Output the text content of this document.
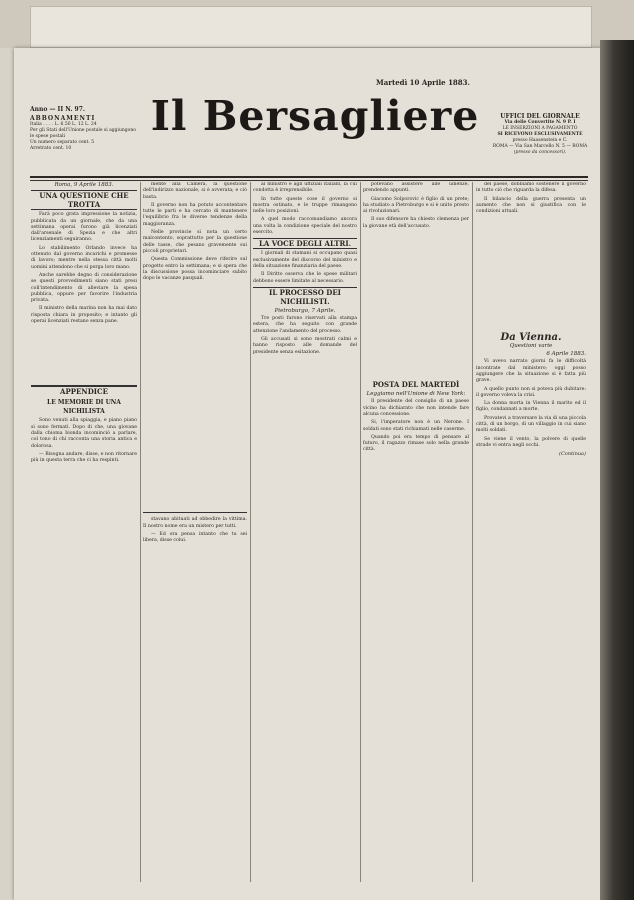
Anno — II N. 97.
Martedì 10 Aprile 1883.
Il Bersagliere
ABBONAMENTI
Italia . . . . L. 6.50 L. 12 L. 24
Per gli Stati dell'Unione postale si aggiungono le spese postali
Un numero separato cent. 5
Arretrato cent. 10
UFFICI DEL GIORNALE
Via delle Convertite N. 9 P. I
LE INSERZIONI A PAGAMENTO
SI RICEVONO ESCLUSIVAMENTE
presso Haasenstein e C.
ROMA — Via San Marcello N. 5 — ROMA
(presso da concessori).

Roma, 9 Aprile 1883.

UNA QUESTIONE CHE TROTTA

Farà poco grata impressione la notizia, pubblicata da un giornale, che da una settimana operai furono già licenziati dall'arsenale di Spezia e che altri licenziamenti seguiranno.

Lo stabilimento Orlando invece ha ottenuto dal governo incarichi e promesse di lavoro; mentre nella stessa città molti uomini attendono che si porga loro mano.

Anche sarebbe degno di considerazione se questi provvedimenti siano stati presi coll'intendimento di alleviare la spesa pubblica, oppure per favorire l'industria privata.

Il ministro della marina non ha mai dato risposta chiara in proposito; e intanto gli operai licenziati restano senza pane.

APPENDICE
LE MEMORIE DI UNA NICHILISTA

Sono venuti alla spiaggia, e piano piano si sono fermati. Dopo di che, una giovane dalla chioma bionda incominciò a parlare, col tono di chi racconta una storia antica e dolorosa.

— Bisogna andare, disse, e non ritornare più in questa terra che ci ha respinti.

mente alla Camera, la questione dell'indirizzo nazionale, si è avverata; e ciò basta.

Il governo non ha potuto accontentare tutte le parti e ha cercato di mantenere l'equilibrio fra le diverse tendenze della maggioranza.

Nelle provincie si nota un certo malcontento, soprattutto per la questione delle tasse, che pesano gravemente sui piccoli proprietari.

Questa Commissione deve riferire sul progetto entro la settimana; e si spera che la discussione possa incominciare subito dopo le vacanze pasquali.

stavano abituati ad obbedire la vittima. Il nostro nome era un mistero per tutti.

— Ed ora pensa intanto che tu sei libera, disse colui.

al ministro e agli uffiziali italiani, la cui condotta è irreprensibile.

In tutte queste cose il governo si mostra ostinato, e le truppe rimangono nelle loro posizioni.

A quel modo raccomandiamo ancora una volta la condizione speciale del nostro esercito.

LA VOCE DEGLI ALTRI.

I giornali di stamani si occupano quasi esclusivamente del discorso del ministro e della situazione finanziaria del paese.

Il Diritto osserva che le spese militari debbono essere limitate al necessario.

IL PROCESSO DEI NICHILISTI.

Pietroburgo, 7 Aprile.

Tre posti furono riservati alla stampa estera, che ha seguito con grande attenzione l'andamento del processo.

Gli accusati si sono mostrati calmi e hanno risposto alle domande del presidente senza esitazione.

potevano assistere alle udienze, prendendo appunti.

Giacomo Solporovic è figlio di un prete; ha studiato a Pietroburgo e si è unito presto ai rivoluzionari.

Il suo difensore ha chiesto clemenza per la giovane età dell'accusato.

POSTA DEL MARTEDÌ

Leggiamo nell'Unione di New York:

Il presidente del consiglio di un paese vicino ha dichiarato che non intende fare alcuna concessione.

Si, l'imperatore non è un Nerone. I soldati sono stati richiamati nelle caserme.

Quando poi era tempo di pensare al futuro, il ragazzo rimase solo nella grande città.

del paese, dobbiamo sostenere il governo in tutto ciò che riguarda la difesa.

Il bilancio della guerra presenta un aumento che non si giustifica con le condizioni attuali.

Da Vienna.

Questioni varie

6 Aprile 1883.

Vi avevo narrato giorni fa le difficoltà incontrate dal ministero; oggi posso aggiungere che la situazione si è fatta più grave.

A quello punto non si poteva più dubitare: il governo voleva la crisi.

La donna morta in Vienna il marito ed il figlio, condannati a morte.

Provatevi a traversare la via di una piccola città, di un borgo, di un villaggio in cui siano molti soldati.

Se viene il vento, la polvere di quelle strade vi entra negli occhi.

(Continua)
